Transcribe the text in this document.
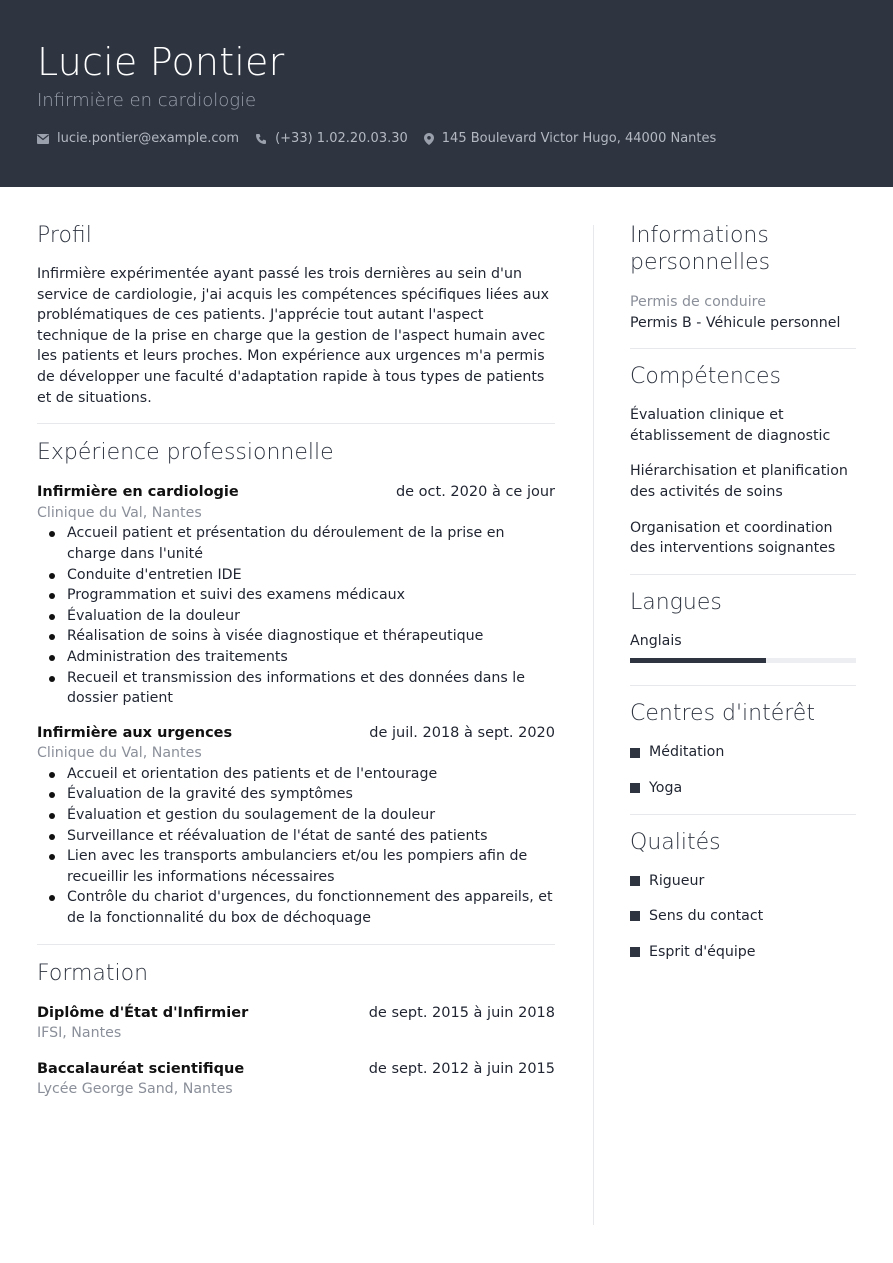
Lucie Pontier
Infirmière en cardiologie
lucie.pontier@example.com	(+33) 1.02.20.03.30	145 Boulevard Victor Hugo, 44000 Nantes
Profil
Infirmière expérimentée ayant passé les trois dernières au sein d'un service de cardiologie, j'ai acquis les compétences spécifiques liées aux problématiques de ces patients. J'apprécie tout autant l'aspect technique de la prise en charge que la gestion de l'aspect humain avec les patients et leurs proches. Mon expérience aux urgences m'a permis de développer une faculté d'adaptation rapide à tous types de patients et de situations.
Expérience professionnelle
Infirmière en cardiologie	de oct. 2020 à ce jour
Clinique du Val, Nantes
Accueil patient et présentation du déroulement de la prise en charge dans l'unité
Conduite d'entretien IDE
Programmation et suivi des examens médicaux
Évaluation de la douleur
Réalisation de soins à visée diagnostique et thérapeutique
Administration des traitements
Recueil et transmission des informations et des données dans le dossier patient
Infirmière aux urgences	de juil. 2018 à sept. 2020
Clinique du Val, Nantes
Accueil et orientation des patients et de l'entourage
Évaluation de la gravité des symptômes
Évaluation et gestion du soulagement de la douleur
Surveillance et réévaluation de l'état de santé des patients
Lien avec les transports ambulanciers et/ou les pompiers afin de recueillir les informations nécessaires
Contrôle du chariot d'urgences, du fonctionnement des appareils, et de la fonctionnalité du box de déchoquage
Formation
Diplôme d'État d'Infirmier	de sept. 2015 à juin 2018
IFSI, Nantes
Baccalauréat scientifique	de sept. 2012 à juin 2015
Lycée George Sand, Nantes
Informations personnelles
Permis de conduire
Permis B - Véhicule personnel
Compétences
Évaluation clinique et établissement de diagnostic
Hiérarchisation et planification des activités de soins
Organisation et coordination des interventions soignantes
Langues
Anglais
Centres d'intérêt
Méditation
Yoga
Qualités
Rigueur
Sens du contact
Esprit d'équipe
